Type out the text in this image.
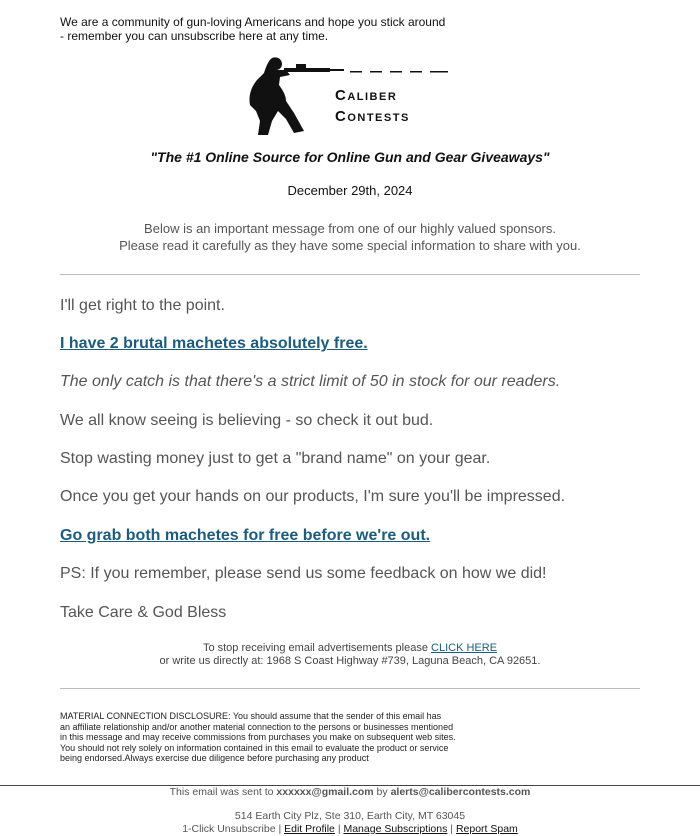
We are a community of gun-loving Americans and hope you stick around
- remember you can unsubscribe here at any time.
Caliber
Contests
"The #1 Online Source for Online Gun and Gear Giveaways"
December 29th, 2024
Below is an important message from one of our highly valued sponsors.
Please read it carefully as they have some special information to share with you.
I'll get right to the point.
I have 2 brutal machetes absolutely free.
The only catch is that there's a strict limit of 50 in stock for our readers.
We all know seeing is believing - so check it out bud.
Stop wasting money just to get a "brand name" on your gear.
Once you get your hands on our products, I'm sure you'll be impressed.
Go grab both machetes for free before we're out.
PS: If you remember, please send us some feedback on how we did!
Take Care & God Bless
To stop receiving email advertisements please CLICK HERE
or write us directly at: 1968 S Coast Highway #739, Laguna Beach, CA 92651.
MATERIAL CONNECTION DISCLOSURE: You should assume that the sender of this email has
an affiliate relationship and/or another material connection to the persons or businesses mentioned
in this message and may receive commissions from purchases you make on subsequent web sites.
You should not rely solely on information contained in this email to evaluate the product or service
being endorsed.Always exercise due diligence before purchasing any product
This email was sent to xxxxxx@gmail.com by alerts@calibercontests.com
514 Earth City Plz, Ste 310, Earth City, MT 63045
1-Click Unsubscribe | Edit Profile | Manage Subscriptions | Report Spam
